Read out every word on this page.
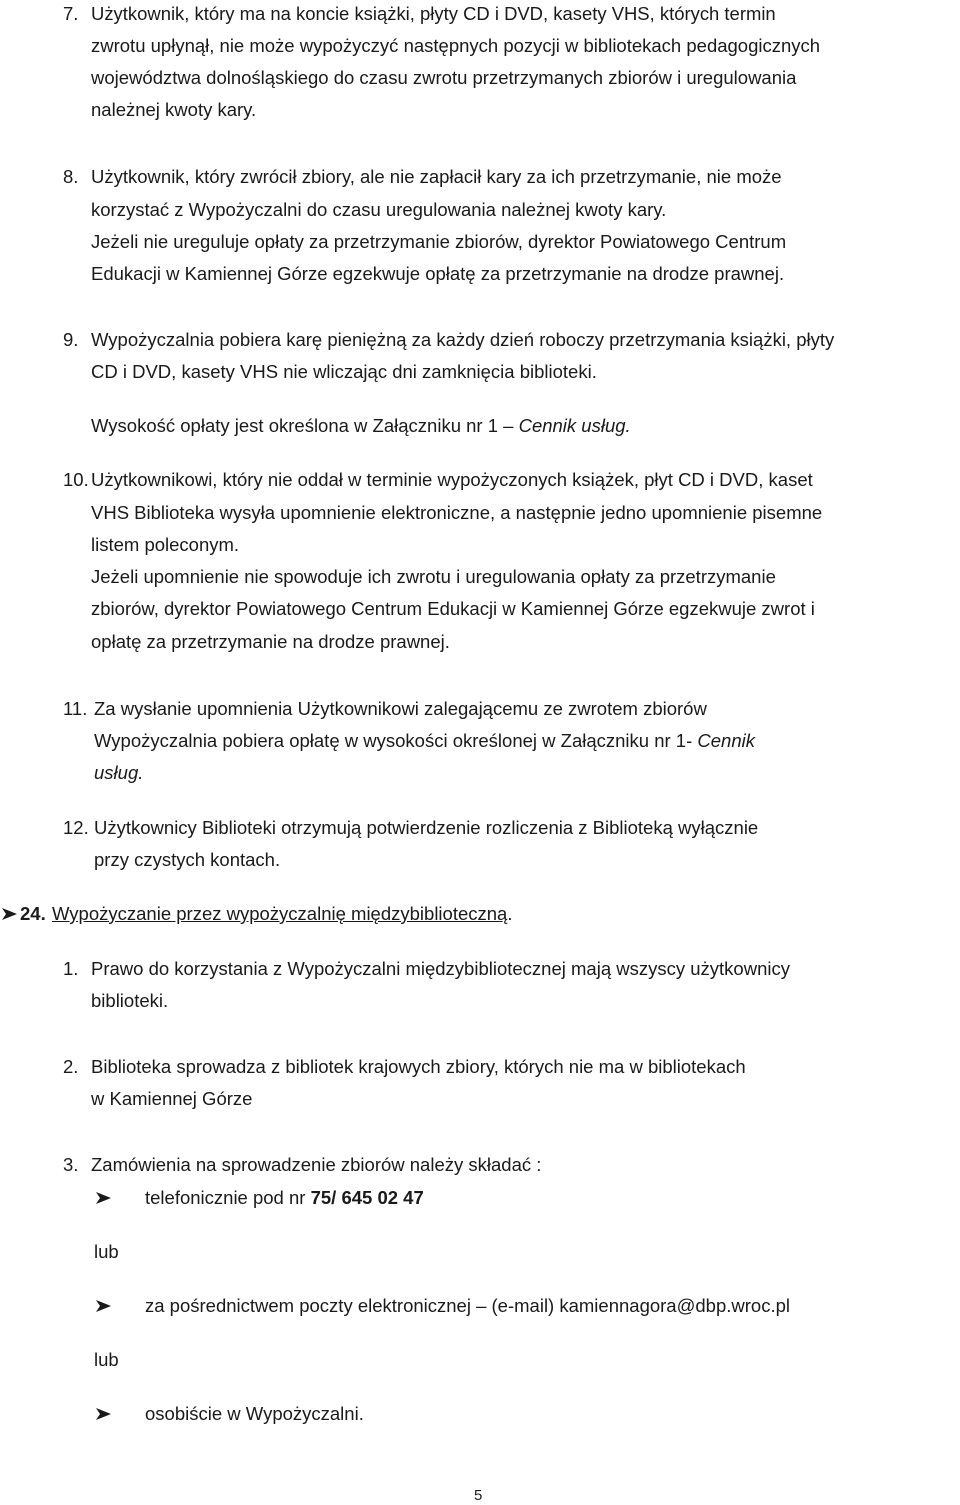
7. Użytkownik, który ma na koncie książki, płyty CD i DVD, kasety VHS, których termin
zwrotu upłynął, nie może wypożyczyć następnych pozycji w bibliotekach pedagogicznych
województwa dolnośląskiego do czasu zwrotu przetrzymanych zbiorów i uregulowania
należnej kwoty kary.
8. Użytkownik, który zwrócił zbiory, ale nie zapłacił kary za ich przetrzymanie, nie może
korzystać z Wypożyczalni do czasu uregulowania należnej kwoty kary.
Jeżeli nie ureguluje opłaty za przetrzymanie zbiorów, dyrektor Powiatowego Centrum
Edukacji w Kamiennej Górze egzekwuje opłatę za przetrzymanie na drodze prawnej.
9. Wypożyczalnia pobiera karę pieniężną za każdy dzień roboczy przetrzymania książki, płyty
CD i DVD, kasety VHS nie wliczając dni zamknięcia biblioteki.
Wysokość opłaty jest określona w Załączniku nr 1 – Cennik usług.
10. Użytkownikowi, który nie oddał w terminie wypożyczonych książek, płyt CD i DVD, kaset
VHS Biblioteka wysyła upomnienie elektroniczne, a następnie jedno upomnienie pisemne
listem poleconym.
Jeżeli upomnienie nie spowoduje ich zwrotu i uregulowania opłaty za przetrzymanie
zbiorów, dyrektor Powiatowego Centrum Edukacji w Kamiennej Górze egzekwuje zwrot i
opłatę za przetrzymanie na drodze prawnej.
11. Za wysłanie upomnienia Użytkownikowi zalegającemu ze zwrotem zbiorów
Wypożyczalnia pobiera opłatę w wysokości określonej w Załączniku nr 1- Cennik
usług.
12. Użytkownicy Biblioteki otrzymują potwierdzenie rozliczenia z Biblioteką wyłącznie
przy czystych kontach.
24. Wypożyczanie przez wypożyczalnię międzybiblioteczną.
1. Prawo do korzystania z Wypożyczalni międzybibliotecznej mają wszyscy użytkownicy
biblioteki.
2. Biblioteka sprowadza z bibliotek krajowych zbiory, których nie ma w bibliotekach
w Kamiennej Górze
3. Zamówienia na sprowadzenie zbiorów należy składać :
telefonicznie pod nr 75/ 645 02 47
lub
za pośrednictwem poczty elektronicznej – (e-mail) kamiennagora@dbp.wroc.pl
lub
osobiście w Wypożyczalni.
5
